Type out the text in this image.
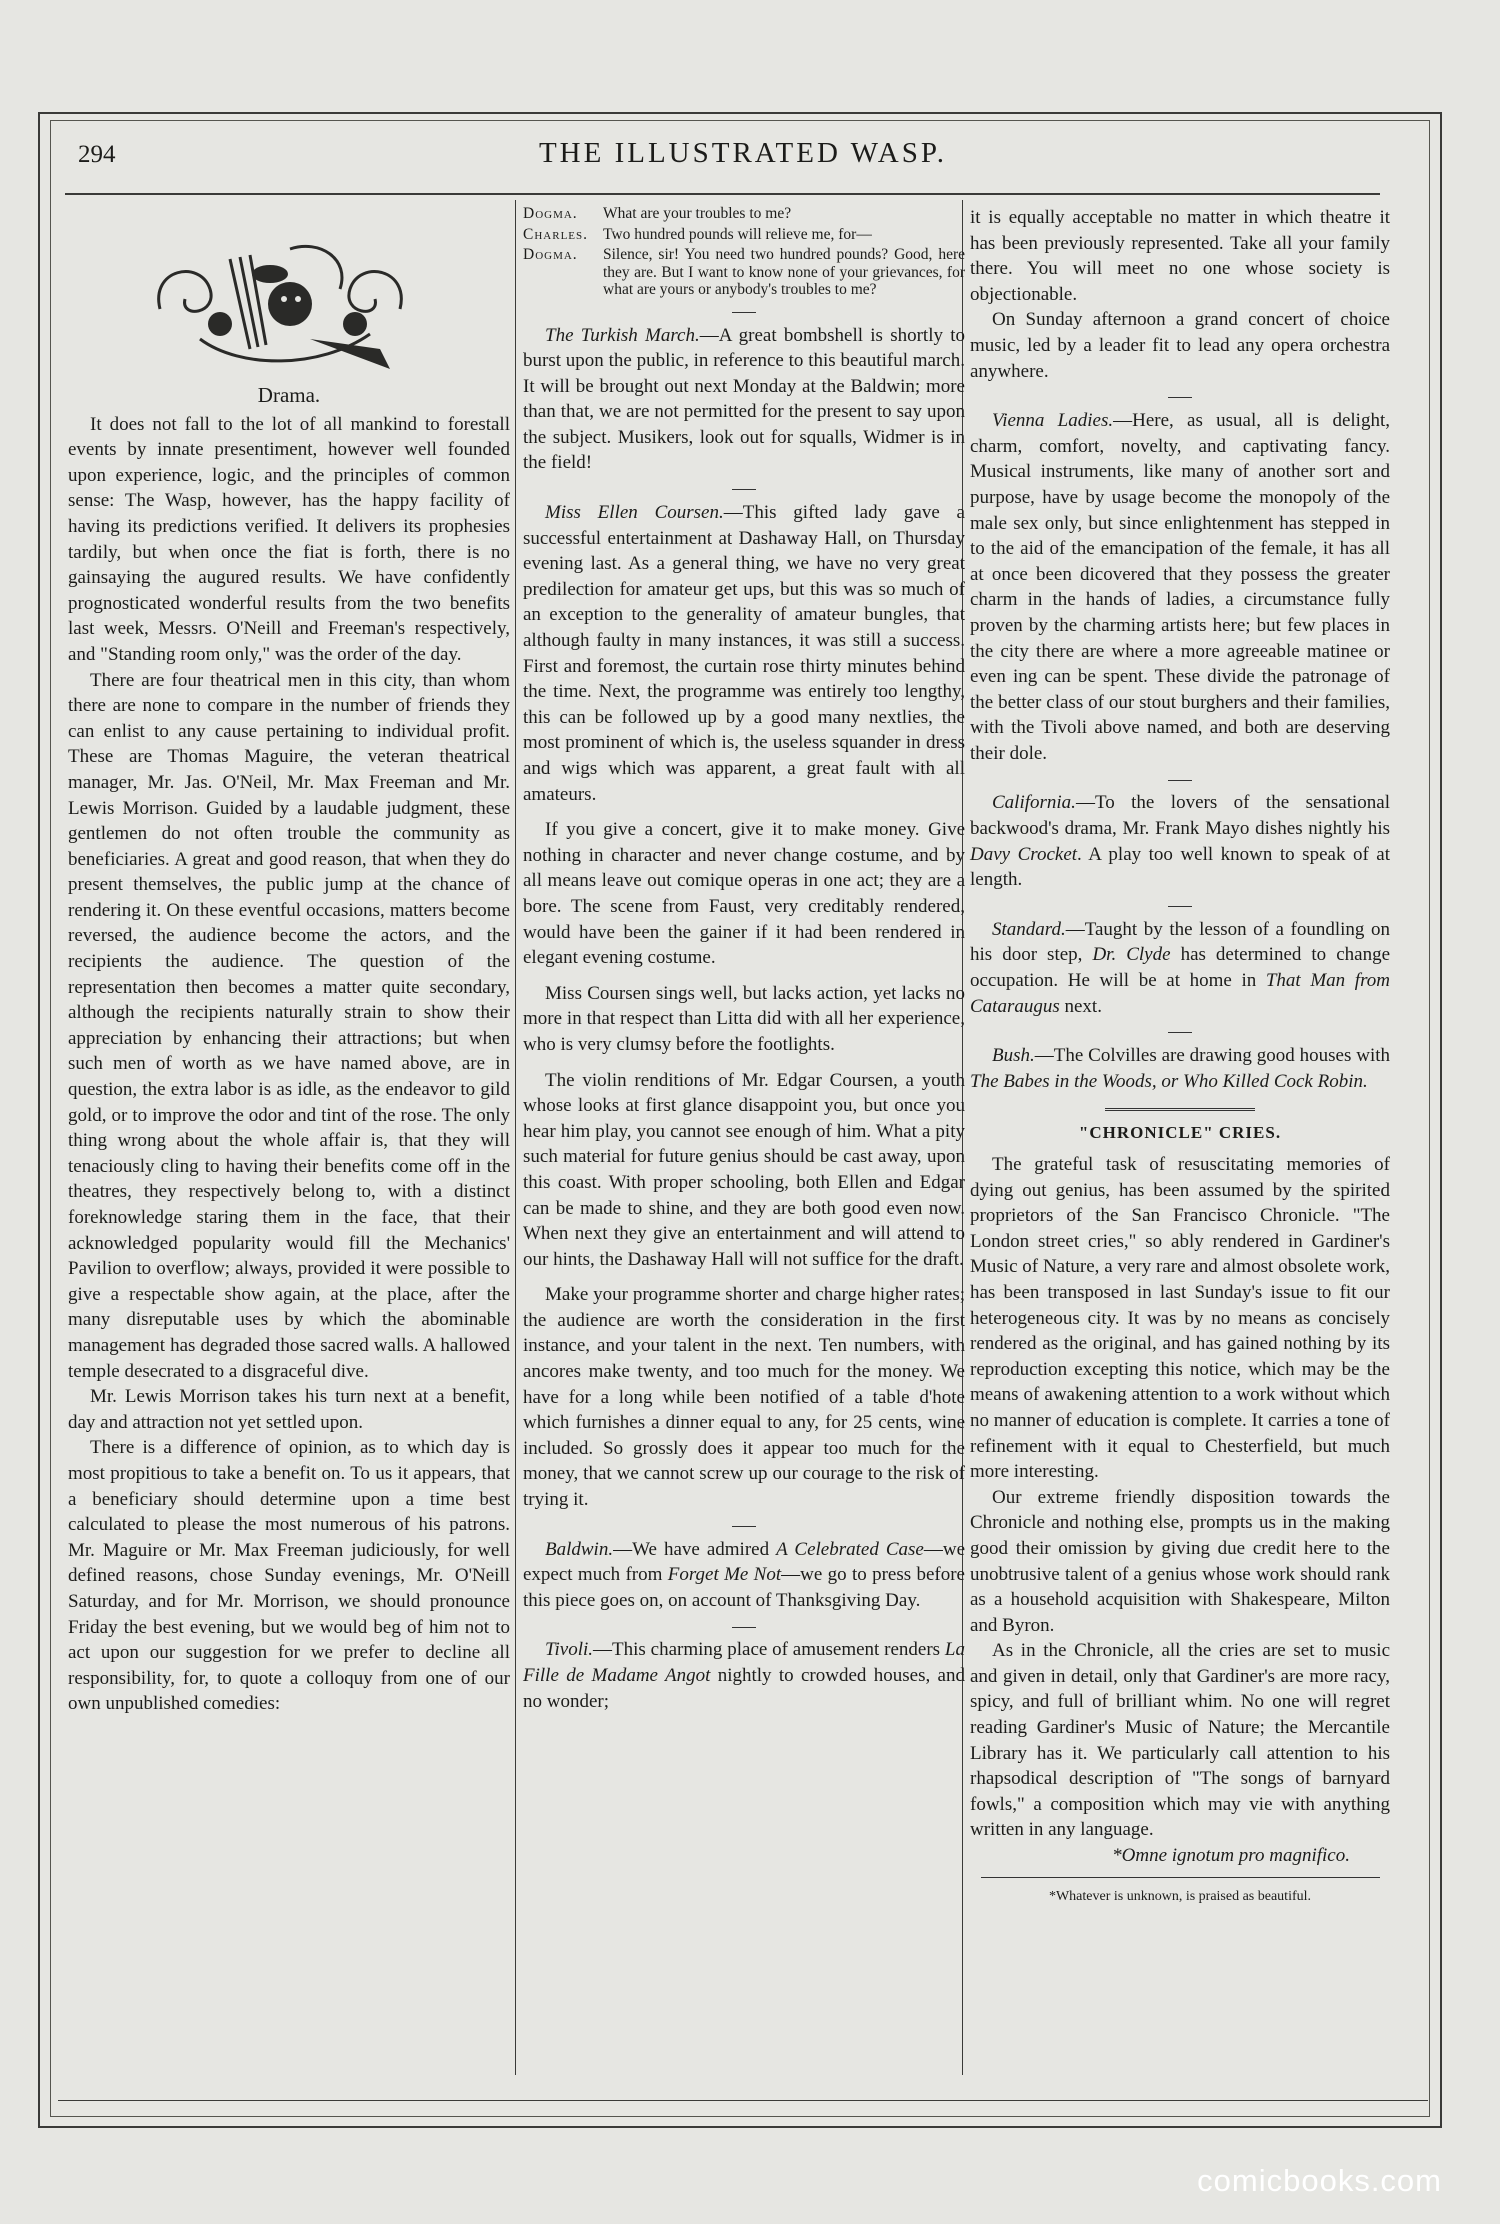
294	THE ILLUSTRATED WASP.
Drama.

It does not fall to the lot of all mankind to forestall events by innate presentiment, however well founded upon experience, logic, and the principles of common sense: The Wasp, however, has the happy facility of having its predictions verified. It delivers its prophesies tardily, but when once the fiat is forth, there is no gainsaying the augured results. We have confidently prognosticated wonderful results from the two benefits last week, Messrs. O'Neill and Freeman's respectively, and "Standing room only," was the order of the day.

There are four theatrical men in this city, than whom there are none to compare in the number of friends they can enlist to any cause pertaining to individual profit. These are Thomas Maguire, the veteran theatrical manager, Mr. Jas. O'Neil, Mr. Max Freeman and Mr. Lewis Morrison. Guided by a laudable judgment, these gentlemen do not often trouble the community as beneficiaries. A great and good reason, that when they do present themselves, the public jump at the chance of rendering it. On these eventful occasions, matters become reversed, the audience become the actors, and the recipients the audience. The question of the representation then becomes a matter quite secondary, although the recipients naturally strain to show their appreciation by enhancing their attractions; but when such men of worth as we have named above, are in question, the extra labor is as idle, as the endeavor to gild gold, or to improve the odor and tint of the rose. The only thing wrong about the whole affair is, that they will tenaciously cling to having their benefits come off in the theatres, they respectively belong to, with a distinct foreknowledge staring them in the face, that their acknowledged popularity would fill the Mechanics' Pavilion to overflow; always, provided it were possible to give a respectable show again, at the place, after the many disreputable uses by which the abominable management has degraded those sacred walls. A hallowed temple desecrated to a disgraceful dive.

Mr. Lewis Morrison takes his turn next at a benefit, day and attraction not yet settled upon.

There is a difference of opinion, as to which day is most propitious to take a benefit on. To us it appears, that a beneficiary should determine upon a time best calculated to please the most numerous of his patrons. Mr. Maguire or Mr. Max Freeman judiciously, for well defined reasons, chose Sunday evenings, Mr. O'Neill Saturday, and for Mr. Morrison, we should pronounce Friday the best evening, but we would beg of him not to act upon our suggestion for we prefer to decline all responsibility, for, to quote a colloquy from one of our own unpublished comedies:

Dogma.	What are your troubles to me?
Charles. Two hundred pounds will relieve me, for—
Dogma.	Silence, sir! You need two hundred pounds? Good, here they are. But I want to know none of your grievances, for what are yours or anybody's troubles to me?

The Turkish March.—A great bombshell is shortly to burst upon the public, in reference to this beautiful march. It will be brought out next Monday at the Baldwin; more than that, we are not permitted for the present to say upon the subject. Musikers, look out for squalls, Widmer is in the field!

Miss Ellen Coursen.—This gifted lady gave a successful entertainment at Dashaway Hall, on Thursday evening last. As a general thing, we have no very great predilection for amateur get ups, but this was so much of an exception to the generality of amateur bungles, that although faulty in many instances, it was still a success. First and foremost, the curtain rose thirty minutes behind the time. Next, the programme was entirely too lengthy, this can be followed up by a good many nextlies, the most prominent of which is, the useless squander in dress and wigs which was apparent, a great fault with all amateurs.

If you give a concert, give it to make money. Give nothing in character and never change costume, and by all means leave out comique operas in one act; they are a bore. The scene from Faust, very creditably rendered, would have been the gainer if it had been rendered in elegant evening costume.

Miss Coursen sings well, but lacks action, yet lacks no more in that respect than Litta did with all her experience, who is very clumsy before the footlights.

The violin renditions of Mr. Edgar Coursen, a youth whose looks at first glance disappoint you, but once you hear him play, you cannot see enough of him. What a pity such material for future genius should be cast away, upon this coast. With proper schooling, both Ellen and Edgar can be made to shine, and they are both good even now. When next they give an entertainment and will attend to our hints, the Dashaway Hall will not suffice for the draft.

Make your programme shorter and charge higher rates; the audience are worth the consideration in the first instance, and your talent in the next. Ten numbers, with ancores make twenty, and too much for the money. We have for a long while been notified of a table d'hote which furnishes a dinner equal to any, for 25 cents, wine included. So grossly does it appear too much for the money, that we cannot screw up our courage to the risk of trying it.

Baldwin.—We have admired A Celebrated Case—we expect much from Forget Me Not—we go to press before this piece goes on, on account of Thanksgiving Day.

Tivoli.—This charming place of amusement renders La Fille de Madame Angot nightly to crowded houses, and no wonder;

it is equally acceptable no matter in which theatre it has been previously represented. Take all your family there. You will meet no one whose society is objectionable.

On Sunday afternoon a grand concert of choice music, led by a leader fit to lead any opera orchestra anywhere.

Vienna Ladies.—Here, as usual, all is delight, charm, comfort, novelty, and captivating fancy. Musical instruments, like many of another sort and purpose, have by usage become the monopoly of the male sex only, but since enlightenment has stepped in to the aid of the emancipation of the female, it has all at once been dicovered that they possess the greater charm in the hands of ladies, a circumstance fully proven by the charming artists here; but few places in the city there are where a more agreeable matinee or even ing can be spent. These divide the patronage of the better class of our stout burghers and their families, with the Tivoli above named, and both are deserving their dole.

California.—To the lovers of the sensational backwood's drama, Mr. Frank Mayo dishes nightly his Davy Crocket. A play too well known to speak of at length.

Standard.—Taught by the lesson of a foundling on his door step, Dr. Clyde has determined to change occupation. He will be at home in That Man from Cataraugus next.

Bush.—The Colvilles are drawing good houses with The Babes in the Woods, or Who Killed Cock Robin.

"CHRONICLE" CRIES.

The grateful task of resuscitating memories of dying out genius, has been assumed by the spirited proprietors of the San Francisco Chronicle. "The London street cries," so ably rendered in Gardiner's Music of Nature, a very rare and almost obsolete work, has been transposed in last Sunday's issue to fit our heterogeneous city. It was by no means as concisely rendered as the original, and has gained nothing by its reproduction excepting this notice, which may be the means of awakening attention to a work without which no manner of education is complete. It carries a tone of refinement with it equal to Chesterfield, but much more interesting.

Our extreme friendly disposition towards the Chronicle and nothing else, prompts us in the making good their omission by giving due credit here to the unobtrusive talent of a genius whose work should rank as a household acquisition with Shakespeare, Milton and Byron.

As in the Chronicle, all the cries are set to music and given in detail, only that Gardiner's are more racy, spicy, and full of brilliant whim. No one will regret reading Gardiner's Music of Nature; the Mercantile Library has it. We particularly call attention to his rhapsodical description of "The songs of barnyard fowls," a composition which may vie with anything written in any language.

*Omne ignotum pro magnifico.

*Whatever is unknown, is praised as beautiful.

comicbooks.com
